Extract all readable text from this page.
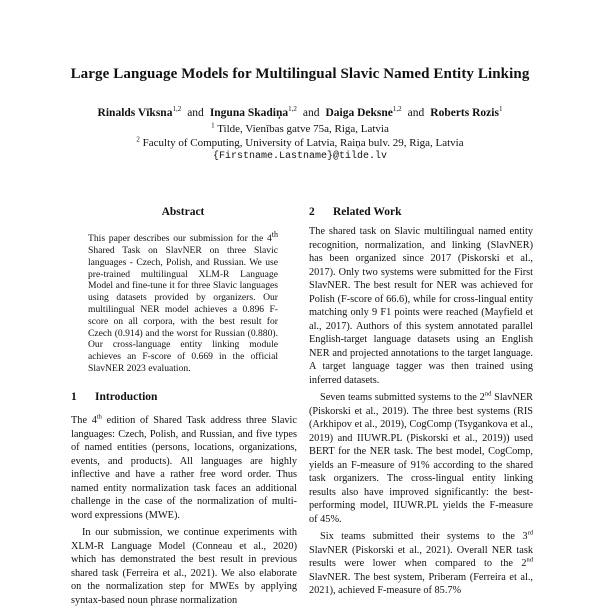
Large Language Models for Multilingual Slavic Named Entity Linking
Rinalds Vīksna$^{1,2}$ and Inguna Skadiņa$^{1,2}$ and Daiga Deksne$^{1,2}$ and Roberts Rozis$^1$
$^1$ Tilde, Vienības gatve 75a, Riga, Latvia
$^2$ Faculty of Computing, University of Latvia, Raiņa bulv. 29, Riga, Latvia
{Firstname.Lastname}@tilde.lv
Abstract

This paper describes our submission for the 4th Shared Task on SlavNER on three Slavic languages - Czech, Polish, and Russian. We use pre-trained multilingual XLM-R Language Model and fine-tune it for three Slavic languages using datasets provided by organizers. Our multilingual NER model achieves a 0.896 F-score on all corpora, with the best result for Czech (0.914) and the worst for Russian (0.880). Our cross-language entity linking module achieves an F-score of 0.669 in the official SlavNER 2023 evaluation.

1 Introduction

The 4th edition of Shared Task address three Slavic languages: Czech, Polish, and Russian, and five types of named entities (persons, locations, organizations, events, and products). All languages are highly inflective and have a rather free word order. Thus named entity normalization task faces an additional challenge in the case of the normalization of multi-word expressions (MWE).

In our submission, we continue experiments with XLM-R Language Model (Conneau et al., 2020) which has demonstrated the best result in previous shared task (Ferreira et al., 2021). We also elaborate on the normalization step for MWEs by applying syntax-based noun phrase normalization

2 Related Work

The shared task on Slavic multilingual named entity recognition, normalization, and linking (SlavNER) has been organized since 2017 (Piskorski et al., 2017). Only two systems were submitted for the First SlavNER. The best result for NER was achieved for Polish (F-score of 66.6), while for cross-lingual entity matching only 9 F1 points were reached (Mayfield et al., 2017). Authors of this system annotated parallel English-target language datasets using an English NER and projected annotations to the target language. A target language tagger was then trained using inferred datasets.

Seven teams submitted systems to the 2nd SlavNER (Piskorski et al., 2019). The three best systems (RIS (Arkhipov et al., 2019), CogComp (Tsygankova et al., 2019) and IIUWR.PL (Piskorski et al., 2019)) used BERT for the NER task. The best model, CogComp, yields an F-measure of 91% according to the shared task organizers. The cross-lingual entity linking results also have improved significantly: the best-performing model, IIUWR.PL yields the F-measure of 45%.

Six teams submitted their systems to the 3rd SlavNER (Piskorski et al., 2021). Overall NER task results were lower when compared to the 2nd SlavNER. The best system, Priberam (Ferreira et al., 2021), achieved F-measure of 85.7%
